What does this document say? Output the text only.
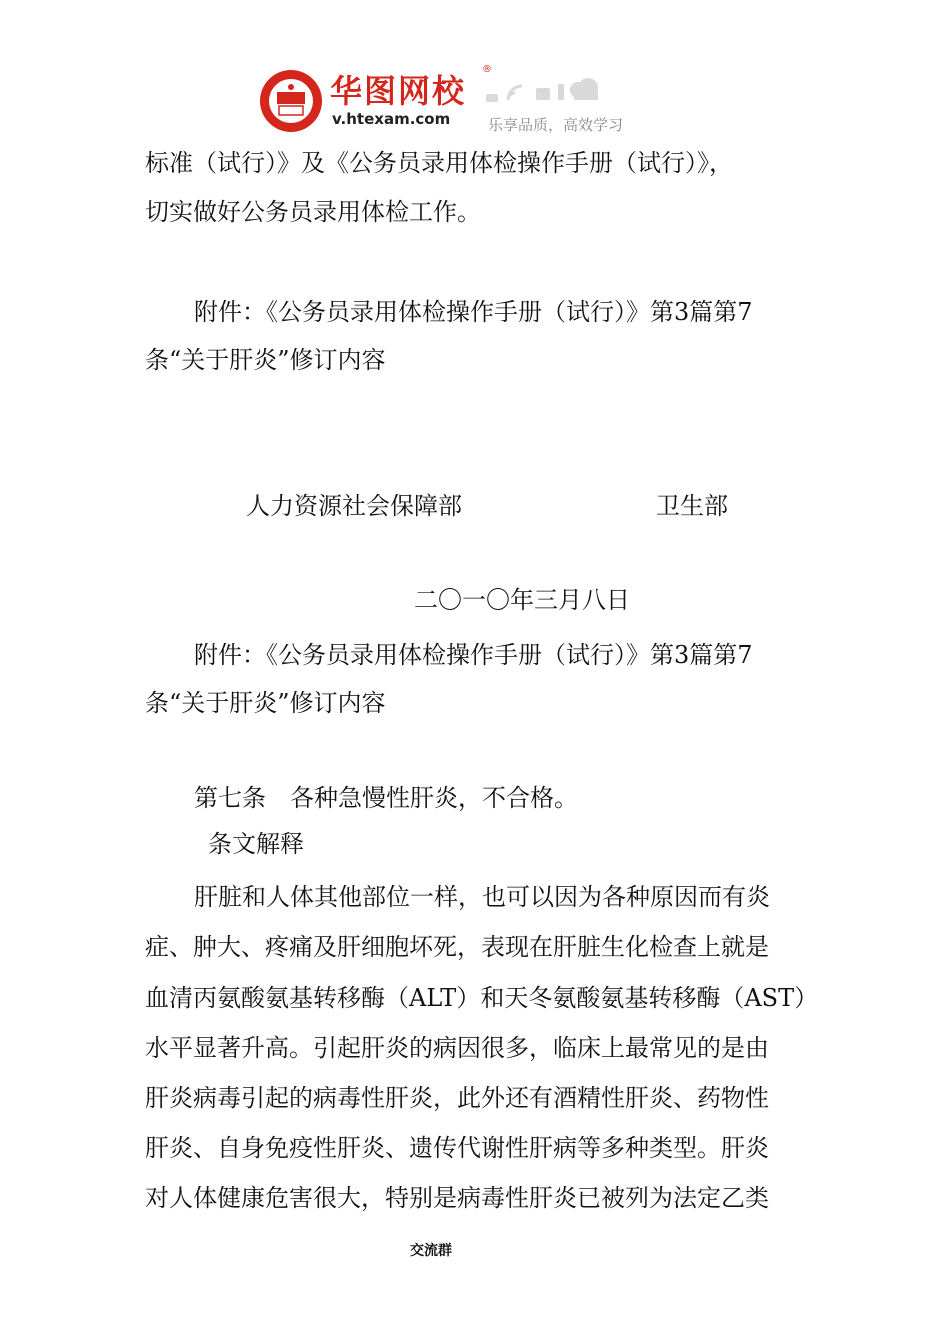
华图网校
®
v.htexam.com	乐享品质，高效学习
标准（试行）》及《公务员录用体检操作手册（试行）》，
切实做好公务员录用体检工作。
附件：《公务员录用体检操作手册（试行）》第3篇第7
条“关于肝炎”修订内容
人力资源社会保障部	卫生部
二〇一〇年三月八日
附件：《公务员录用体检操作手册（试行）》第3篇第7
条“关于肝炎”修订内容
第七条　各种急慢性肝炎，不合格。
条文解释
肝脏和人体其他部位一样，也可以因为各种原因而有炎
症、肿大、疼痛及肝细胞坏死，表现在肝脏生化检查上就是
血清丙氨酸氨基转移酶（ALT）和天冬氨酸氨基转移酶（AST）
水平显著升高。引起肝炎的病因很多，临床上最常见的是由
肝炎病毒引起的病毒性肝炎，此外还有酒精性肝炎、药物性
肝炎、自身免疫性肝炎、遗传代谢性肝病等多种类型。肝炎
对人体健康危害很大，特别是病毒性肝炎已被列为法定乙类
交流群
